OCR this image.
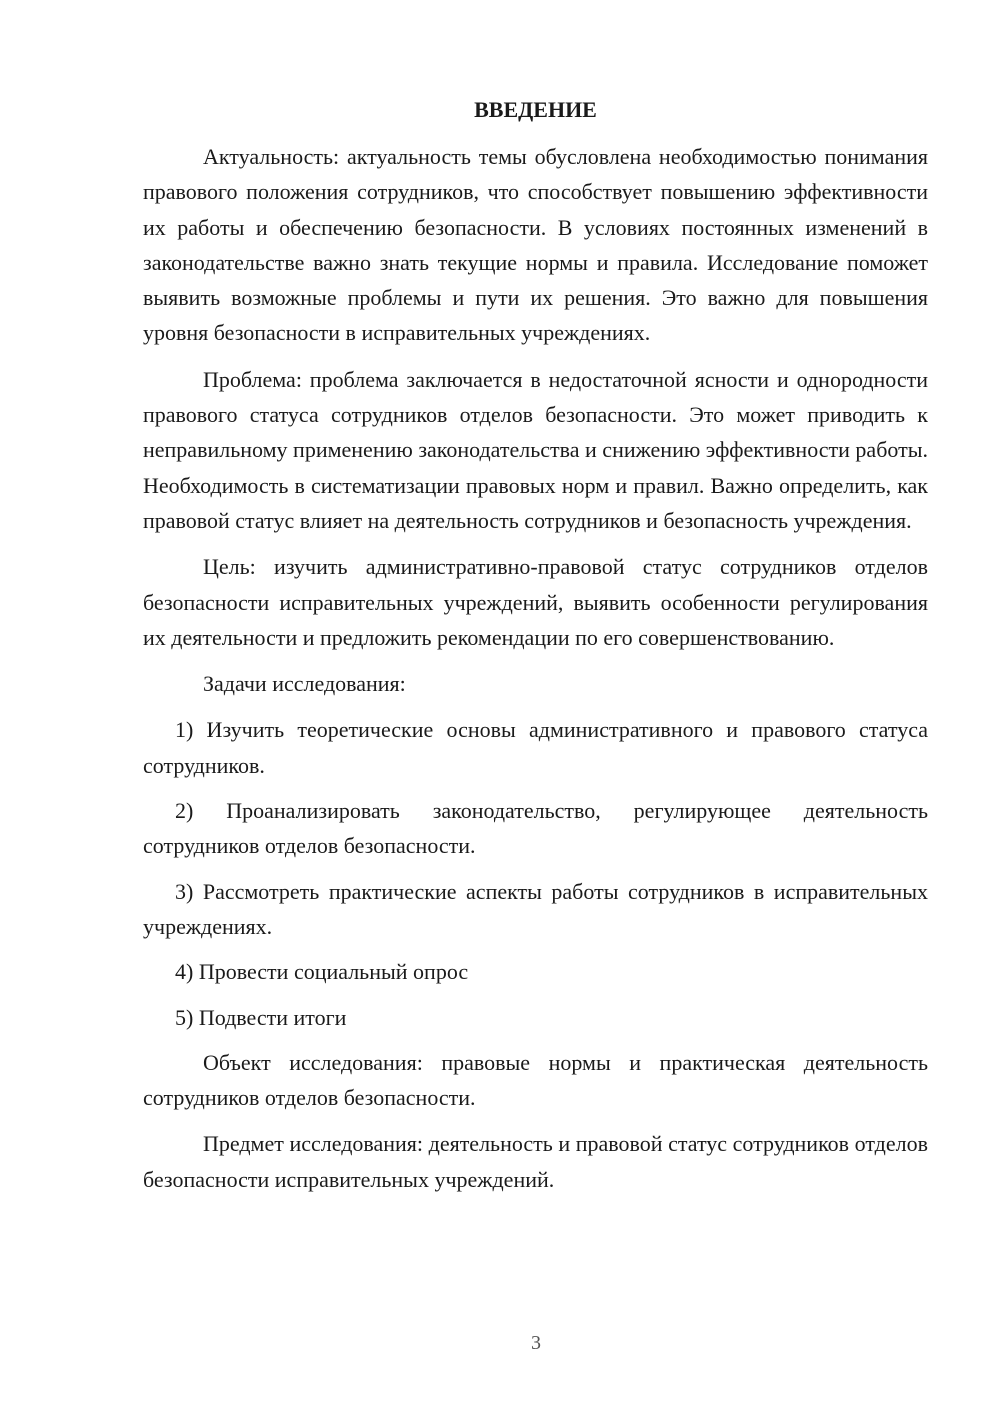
ВВЕДЕНИЕ

Актуальность: актуальность темы обусловлена необходимостью понимания правового положения сотрудников, что способствует повышению эффективности их работы и обеспечению безопасности. В условиях постоянных изменений в законодательстве важно знать текущие нормы и правила. Исследование поможет выявить возможные проблемы и пути их решения. Это важно для повышения уровня безопасности в исправительных учреждениях.

Проблема: проблема заключается в недостаточной ясности и однородности правового статуса сотрудников отделов безопасности. Это может приводить к неправильному применению законодательства и снижению эффективности работы. Необходимость в систематизации правовых норм и правил. Важно определить, как правовой статус влияет на деятельность сотрудников и безопасность учреждения.

Цель: изучить административно-правовой статус сотрудников отделов безопасности исправительных учреждений, выявить особенности регулирования их деятельности и предложить рекомендации по его совершенствованию.

Задачи исследования:

1) Изучить теоретические основы административного и правового статуса сотрудников.

2) Проанализировать законодательство, регулирующее деятельность сотрудников отделов безопасности.

3) Рассмотреть практические аспекты работы сотрудников в исправительных учреждениях.

4) Провести социальный опрос

5) Подвести итоги

Объект исследования: правовые нормы и практическая деятельность сотрудников отделов безопасности.

Предмет исследования: деятельность и правовой статус сотрудников отделов безопасности исправительных учреждений.

3
